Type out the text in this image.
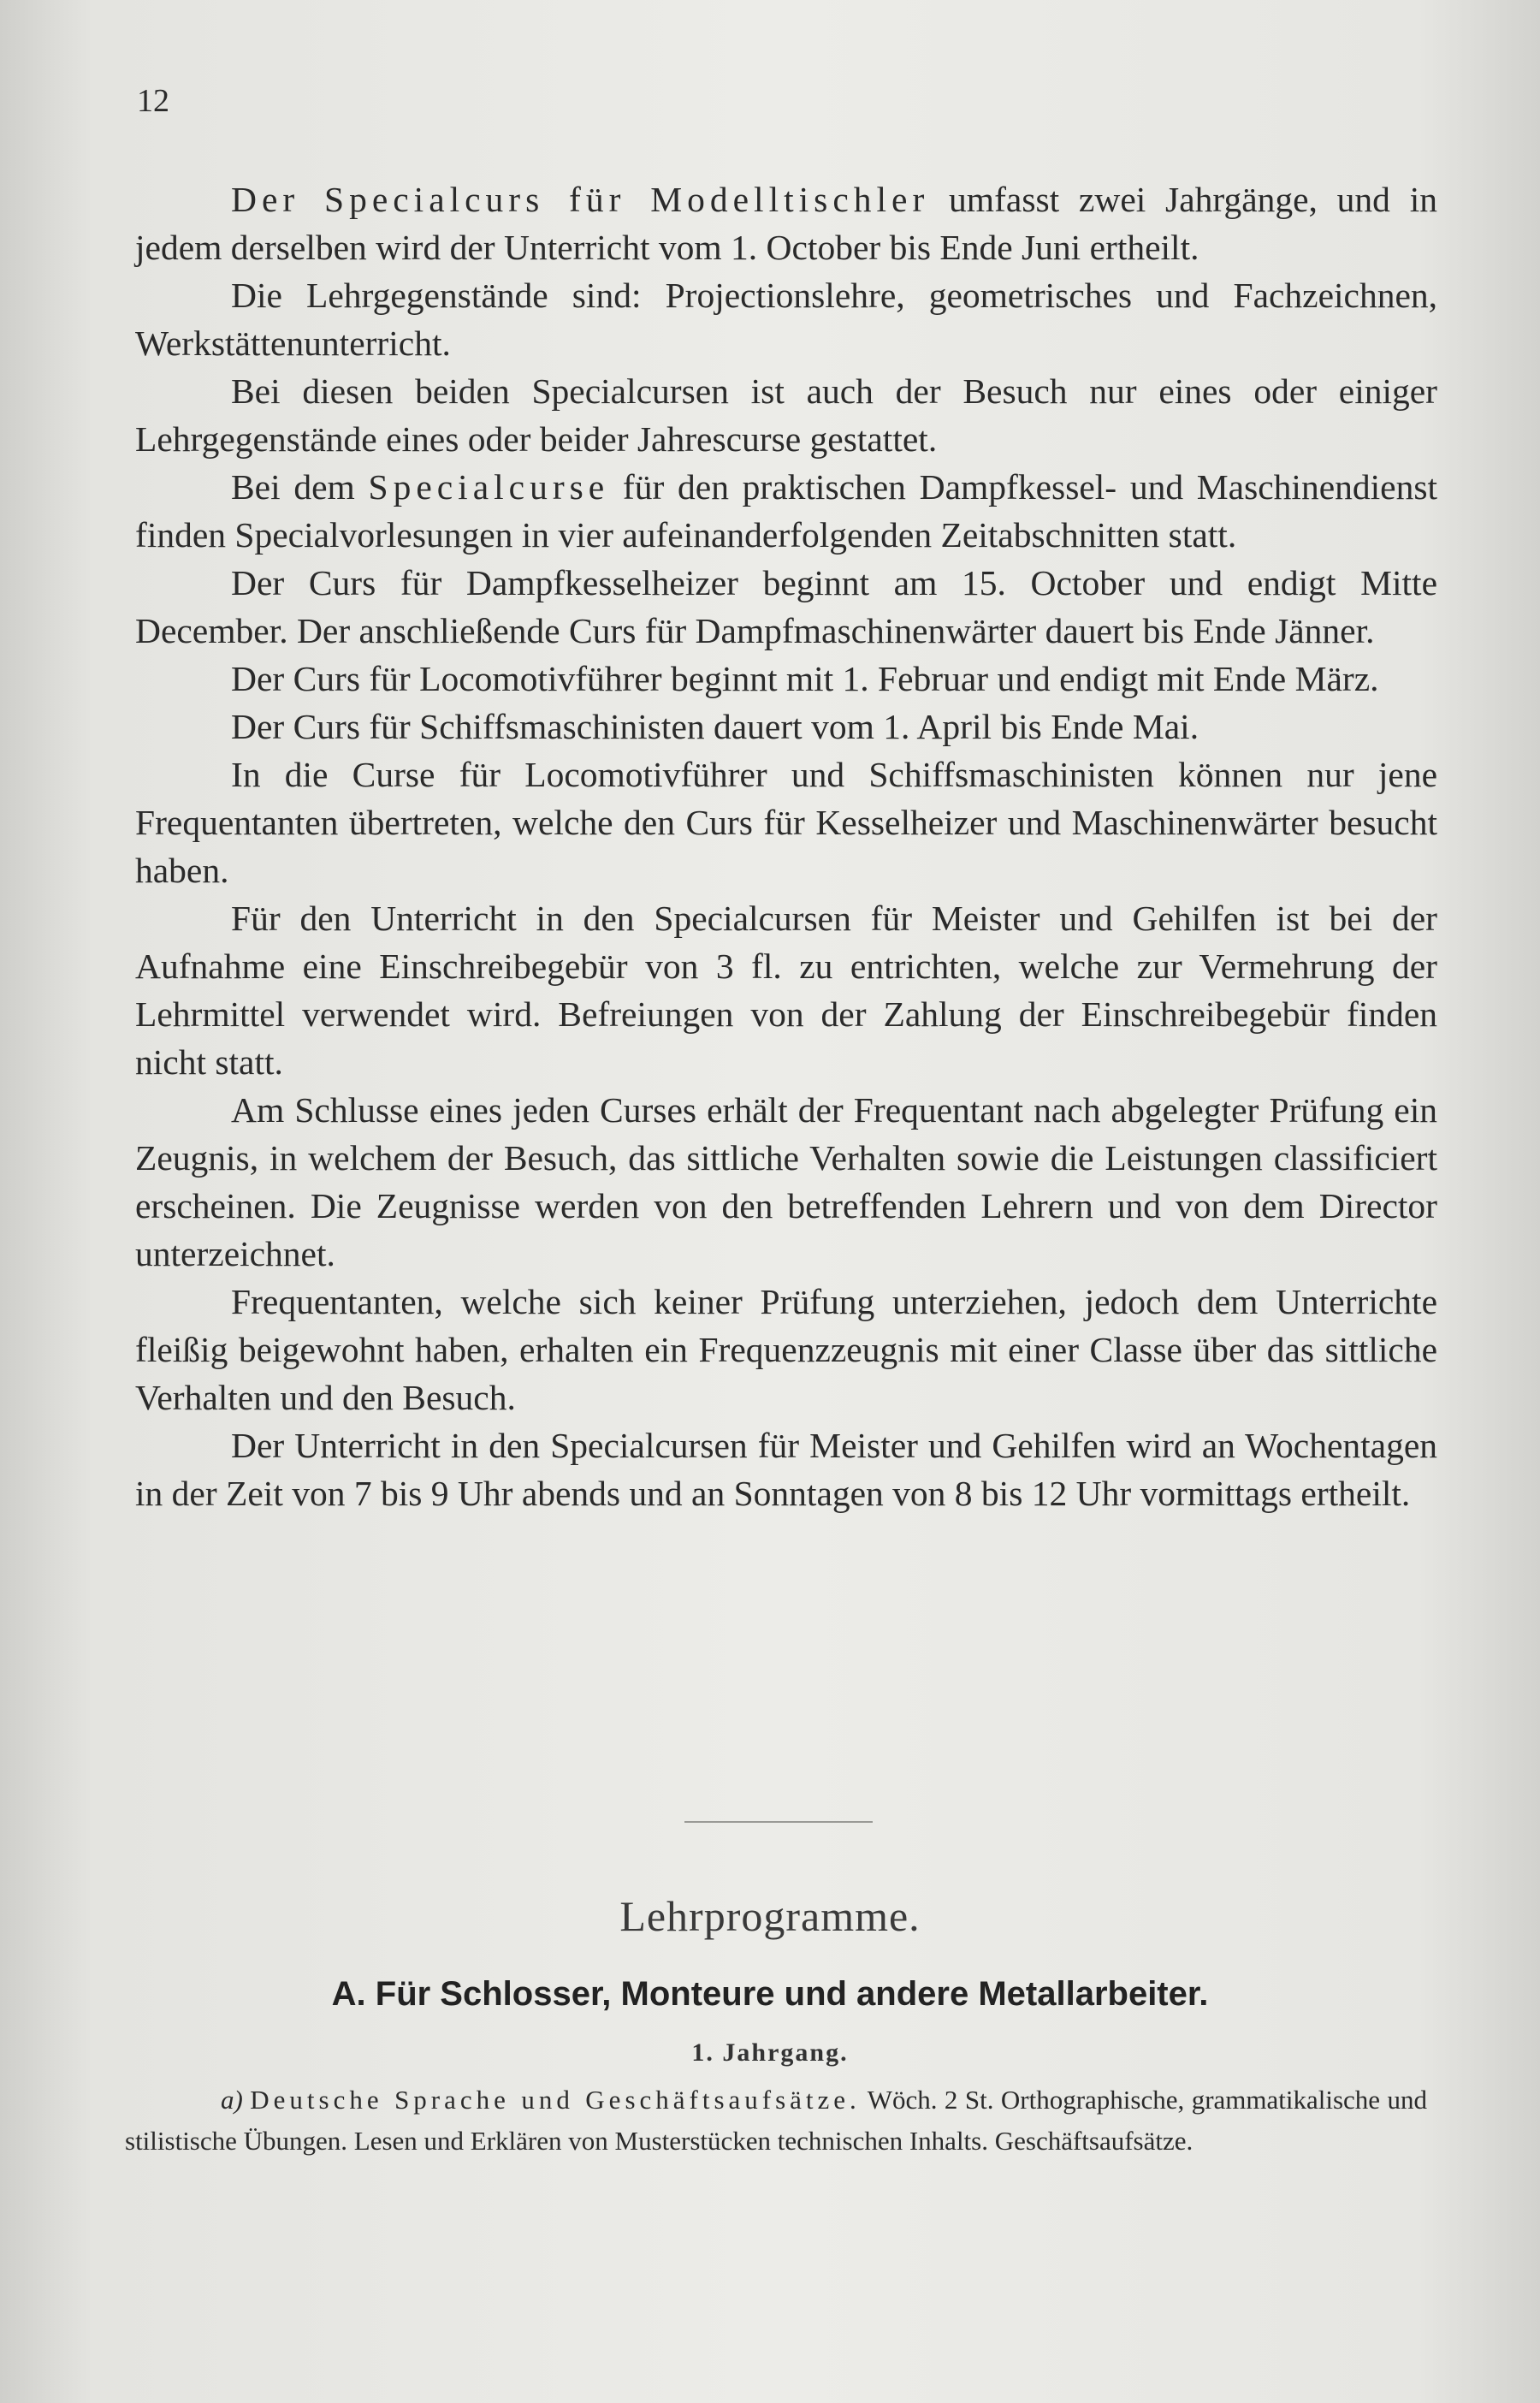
12

Der Specialcurs für Modelltischler umfasst zwei Jahrgänge, und in jedem derselben wird der Unterricht vom 1. October bis Ende Juni ertheilt.

Die Lehrgegenstände sind: Projectionslehre, geometrisches und Fachzeichnen, Werkstättenunterricht.

Bei diesen beiden Specialcursen ist auch der Besuch nur eines oder einiger Lehrgegenstände eines oder beider Jahrescurse gestattet.

Bei dem Specialcurse für den praktischen Dampfkessel- und Maschinendienst finden Specialvorlesungen in vier aufeinanderfolgenden Zeitabschnitten statt.

Der Curs für Dampfkesselheizer beginnt am 15. October und endigt Mitte December. Der anschließende Curs für Dampfmaschinenwärter dauert bis Ende Jänner.

Der Curs für Locomotivführer beginnt mit 1. Februar und endigt mit Ende März.

Der Curs für Schiffsmaschinisten dauert vom 1. April bis Ende Mai.

In die Curse für Locomotivführer und Schiffsmaschinisten können nur jene Frequentanten übertreten, welche den Curs für Kesselheizer und Maschinenwärter besucht haben.

Für den Unterricht in den Specialcursen für Meister und Gehilfen ist bei der Aufnahme eine Einschreibegebür von 3 fl. zu entrichten, welche zur Vermehrung der Lehrmittel verwendet wird. Befreiungen von der Zahlung der Einschreibegebür finden nicht statt.

Am Schlusse eines jeden Curses erhält der Frequentant nach abgelegter Prüfung ein Zeugnis, in welchem der Besuch, das sittliche Verhalten sowie die Leistungen classificiert erscheinen. Die Zeugnisse werden von den betreffenden Lehrern und von dem Director unterzeichnet.

Frequentanten, welche sich keiner Prüfung unterziehen, jedoch dem Unterrichte fleißig beigewohnt haben, erhalten ein Frequenzzeugnis mit einer Classe über das sittliche Verhalten und den Besuch.

Der Unterricht in den Specialcursen für Meister und Gehilfen wird an Wochentagen in der Zeit von 7 bis 9 Uhr abends und an Sonntagen von 8 bis 12 Uhr vormittags ertheilt.

Lehrprogramme.
A. Für Schlosser, Monteure und andere Metallarbeiter.
1. Jahrgang.

a) Deutsche Sprache und Geschäftsaufsätze. Wöch. 2 St. Orthographische, grammatikalische und stilistische Übungen. Lesen und Erklären von Musterstücken technischen Inhalts. Geschäftsaufsätze.
